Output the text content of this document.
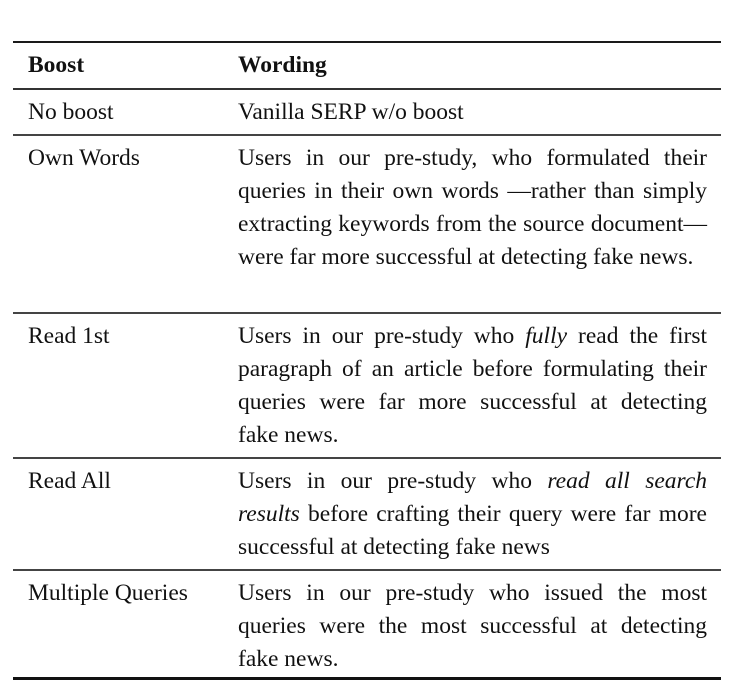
Boost	Wording
No boost	Vanilla SERP w/o boost
Own Words	Users in our pre-study, who formulated their queries in their own words —rather than simply extracting keywords from the source document— were far more successful at detecting fake news.
Read 1st	Users in our pre-study who fully read the first paragraph of an article before formulating their queries were far more successful at detecting fake news.
Read All	Users in our pre-study who read all search results before crafting their query were far more successful at detecting fake news
Multiple Queries	Users in our pre-study who issued the most queries were the most successful at detecting fake news.
